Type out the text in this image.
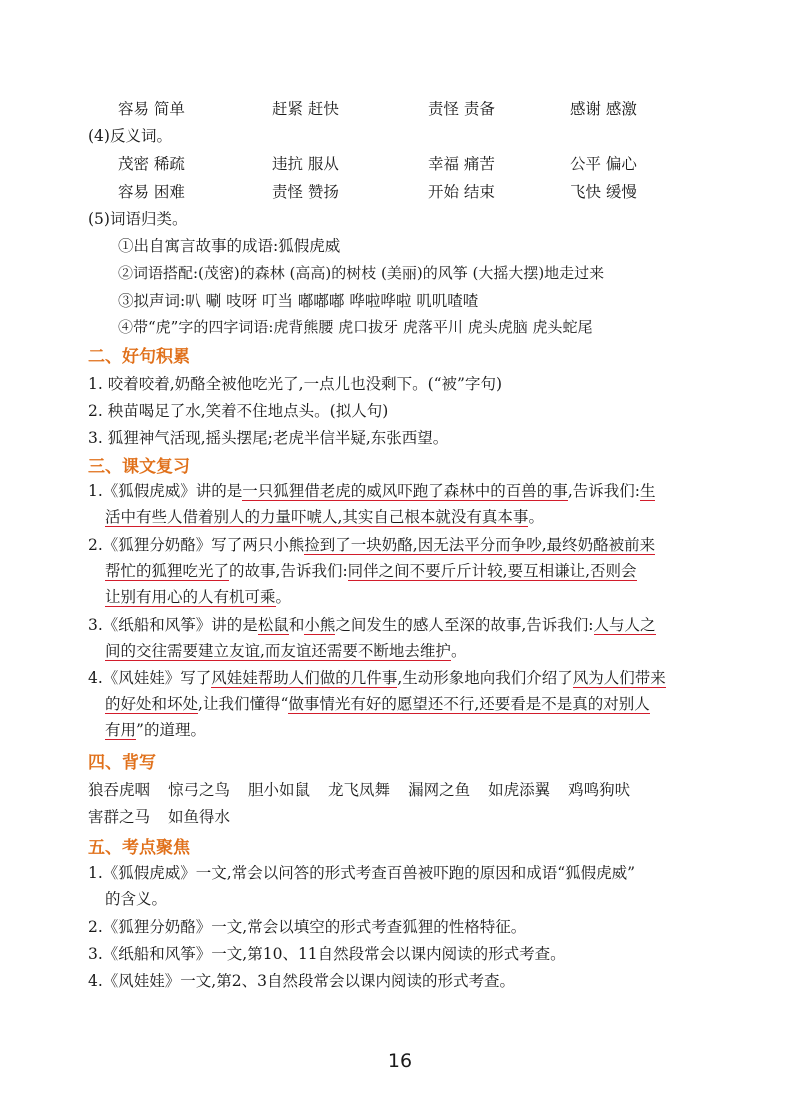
容易 简单	赶紧 赶快	责怪 责备	感谢 感激
(4)反义词。
茂密 稀疏	违抗 服从	幸福 痛苦	公平 偏心
容易 困难	责怪 赞扬	开始 结束	飞快 缓慢
(5)词语归类。
①出自寓言故事的成语:狐假虎威
②词语搭配:(茂密)的森林 (高高)的树枝 (美丽)的风筝 (大摇大摆)地走过来
③拟声词:叭 唰 吱呀 叮当 嘟嘟嘟 哗啦哗啦 叽叽喳喳
④带“虎”字的四字词语:虎背熊腰 虎口拔牙 虎落平川 虎头虎脑 虎头蛇尾
二、好句积累
1. 咬着咬着,奶酪全被他吃光了,一点儿也没剩下。(“被”字句)
2. 秧苗喝足了水,笑着不住地点头。(拟人句)
3. 狐狸神气活现,摇头摆尾;老虎半信半疑,东张西望。
三、课文复习
1.《狐假虎威》讲的是一只狐狸借老虎的威风吓跑了森林中的百兽的事,告诉我们:生
活中有些人借着别人的力量吓唬人,其实自己根本就没有真本事。
2.《狐狸分奶酪》写了两只小熊捡到了一块奶酪,因无法平分而争吵,最终奶酪被前来
帮忙的狐狸吃光了的故事,告诉我们:同伴之间不要斤斤计较,要互相谦让,否则会
让别有用心的人有机可乘。
3.《纸船和风筝》讲的是松鼠和小熊之间发生的感人至深的故事,告诉我们:人与人之
间的交往需要建立友谊,而友谊还需要不断地去维护。
4.《风娃娃》写了风娃娃帮助人们做的几件事,生动形象地向我们介绍了风为人们带来
的好处和坏处,让我们懂得“做事情光有好的愿望还不行,还要看是不是真的对别人
有用”的道理。
四、背写
狼吞虎咽 惊弓之鸟 胆小如鼠 龙飞凤舞 漏网之鱼 如虎添翼 鸡鸣狗吠
害群之马 如鱼得水
五、考点聚焦
1.《狐假虎威》一文,常会以问答的形式考查百兽被吓跑的原因和成语“狐假虎威”
的含义。
2.《狐狸分奶酪》一文,常会以填空的形式考查狐狸的性格特征。
3.《纸船和风筝》一文,第10、11自然段常会以课内阅读的形式考查。
4.《风娃娃》一文,第2、3自然段常会以课内阅读的形式考查。
16
